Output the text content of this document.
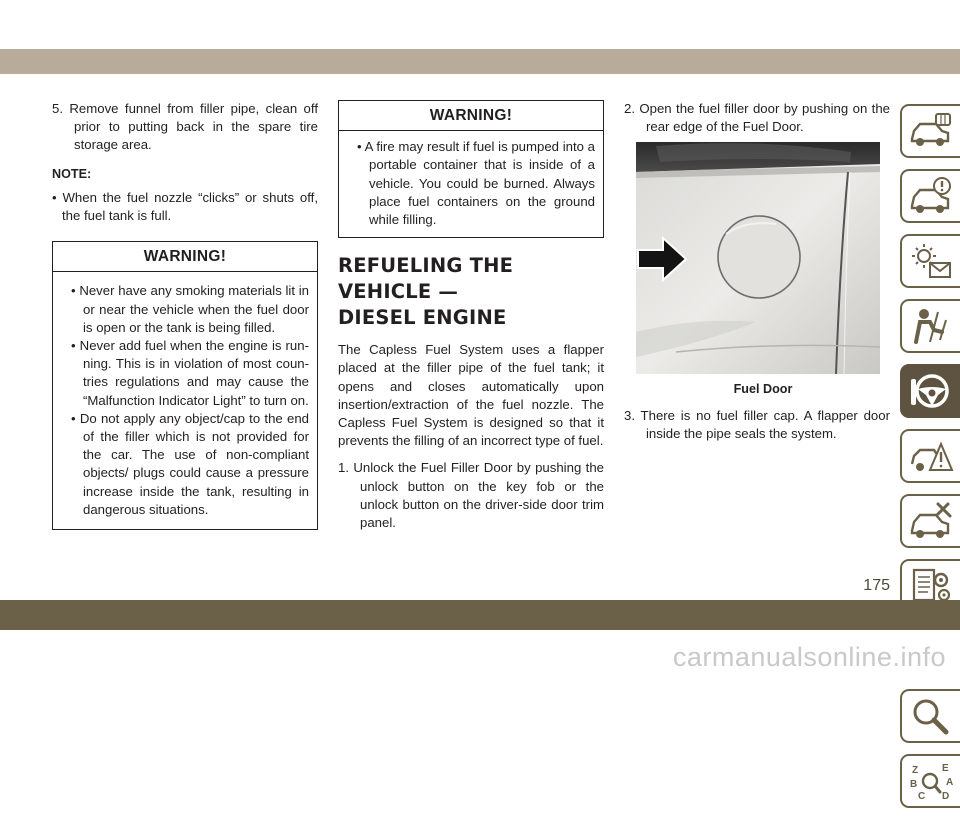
5. Remove funnel from filler pipe, clean off prior to putting back in the spare tire storage area.

NOTE:

• When the fuel nozzle “clicks” or shuts off, the fuel tank is full.

WARNING!

• Never have any smoking materials lit in or near the vehicle when the fuel door is open or the tank is being filled.

• Never add fuel when the engine is run-ning. This is in violation of most coun-tries regulations and may cause the “Malfunction Indicator Light” to turn on.

• Do not apply any object/cap to the end of the filler which is not provided for the car. The use of non-compliant objects/ plugs could cause a pressure increase inside the tank, resulting in dangerous situations.

WARNING!

• A fire may result if fuel is pumped into a portable container that is inside of a vehicle. You could be burned. Always place fuel containers on the ground while filling.

REFUELING THE VEHICLE —
DIESEL ENGINE

The Capless Fuel System uses a flapper placed at the filler pipe of the fuel tank; it opens and closes automatically upon insertion/extraction of the fuel nozzle. The Capless Fuel System is designed so that it prevents the filling of an incorrect type of fuel.

1. Unlock the Fuel Filler Door by pushing the unlock button on the key fob or the unlock button on the driver-side door trim panel.

2. Open the fuel filler door by pushing on the rear edge of the Fuel Door.

Fuel Door

3. There is no fuel filler cap. A flapper door inside the pipe seals the system.

Z E
B	A
C D
175
carmanualsonline.info
